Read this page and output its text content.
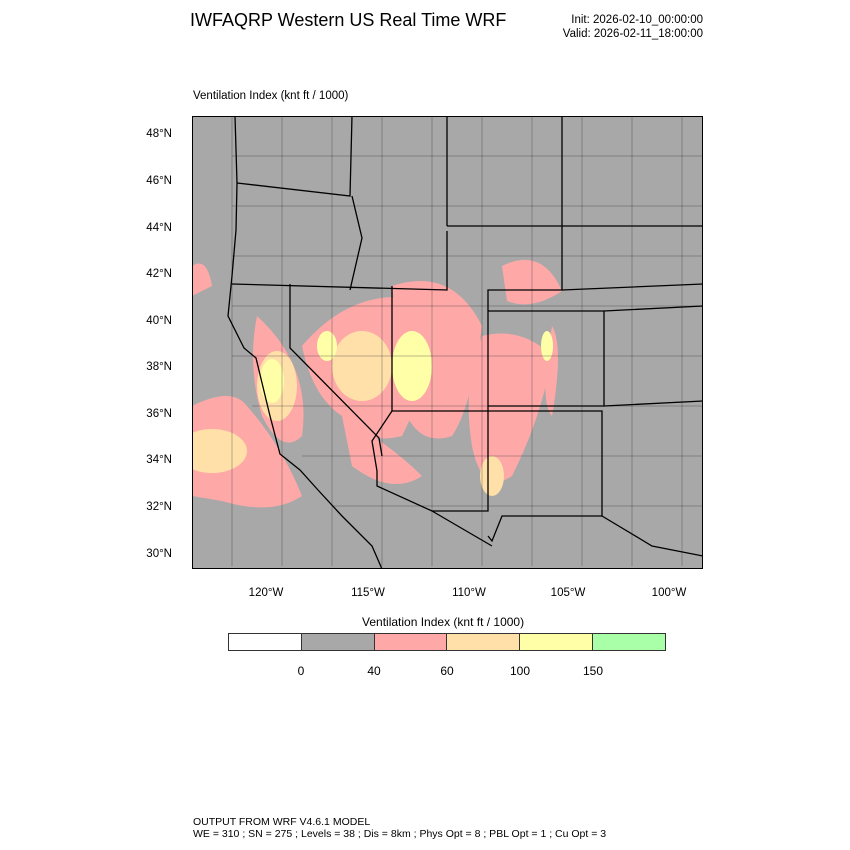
IWFAQRP Western US Real Time WRF	Init: 2026-02-10_00:00:00
Valid: 2026-02-11_18:00:00
Ventilation Index (knt ft / 1000)
48°N
46°N
44°N
42°N
40°N
38°N
36°N
34°N
32°N
30°N
120°W	115°W	110°W	105°W	100°W
Ventilation Index (knt ft / 1000)
0	40	60	100	150
OUTPUT FROM WRF V4.6.1 MODEL
WE = 310 ; SN = 275 ; Levels = 38 ; Dis = 8km ; Phys Opt = 8 ; PBL Opt = 1 ; Cu Opt = 3
